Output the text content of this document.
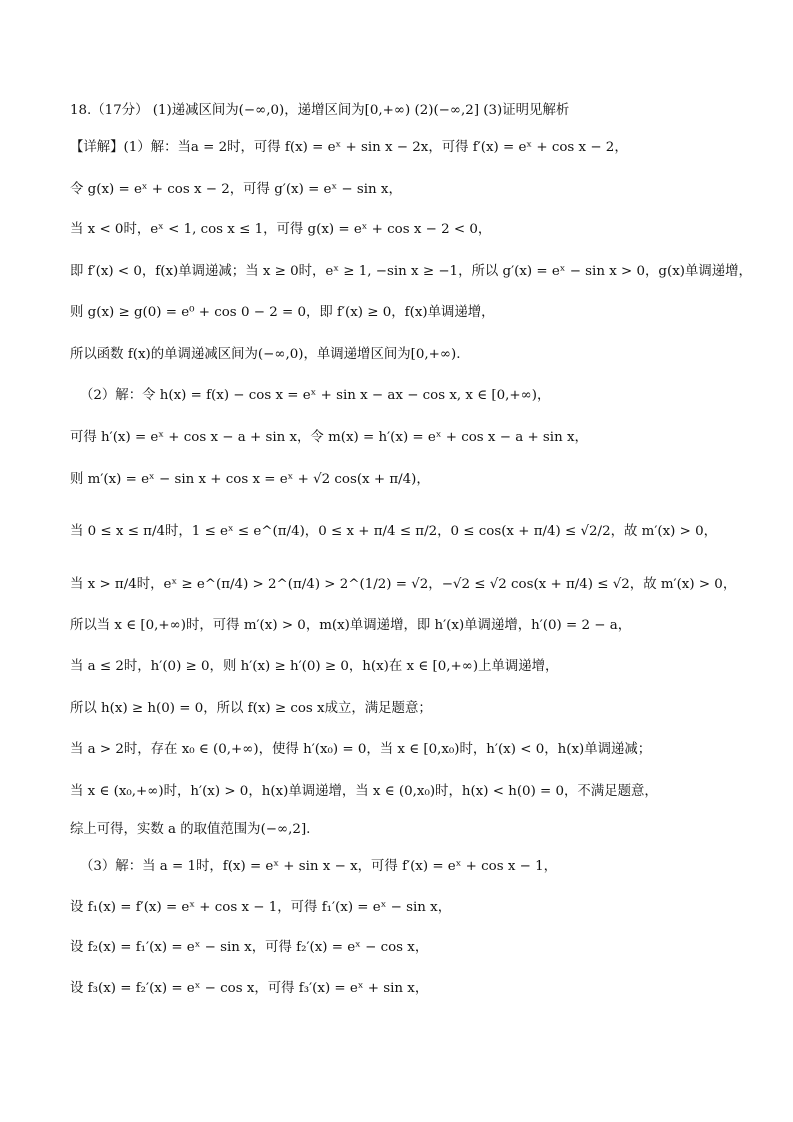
18.（17分） (1)递减区间为(−∞,0)，递增区间为[0,+∞) (2)(−∞,2] (3)证明见解析
【详解】(1）解：当a = 2时，可得 f(x) = eˣ + sin x − 2x，可得 f′(x) = eˣ + cos x − 2，
令 g(x) = eˣ + cos x − 2，可得 g′(x) = eˣ − sin x，
当 x < 0时，eˣ < 1, cos x ≤ 1，可得 g(x) = eˣ + cos x − 2 < 0，
即 f′(x) < 0，f(x)单调递减；当 x ≥ 0时，eˣ ≥ 1, −sin x ≥ −1，所以 g′(x) = eˣ − sin x > 0，g(x)单调递增，
则 g(x) ≥ g(0) = e⁰ + cos 0 − 2 = 0，即 f′(x) ≥ 0，f(x)单调递增，
所以函数 f(x)的单调递减区间为(−∞,0)，单调递增区间为[0,+∞).
（2）解：令 h(x) = f(x) − cos x = eˣ + sin x − ax − cos x, x ∈ [0,+∞)，
可得 h′(x) = eˣ + cos x − a + sin x，令 m(x) = h′(x) = eˣ + cos x − a + sin x，
则 m′(x) = eˣ − sin x + cos x = eˣ + √2 cos(x + π/4)，
当 0 ≤ x ≤ π/4时，1 ≤ eˣ ≤ e^(π/4)，0 ≤ x + π/4 ≤ π/2，0 ≤ cos(x + π/4) ≤ √2/2，故 m′(x) > 0，
当 x > π/4时，eˣ ≥ e^(π/4) > 2^(π/4) > 2^(1/2) = √2，−√2 ≤ √2 cos(x + π/4) ≤ √2，故 m′(x) > 0，
所以当 x ∈ [0,+∞)时，可得 m′(x) > 0，m(x)单调递增，即 h′(x)单调递增，h′(0) = 2 − a，
当 a ≤ 2时，h′(0) ≥ 0，则 h′(x) ≥ h′(0) ≥ 0，h(x)在 x ∈ [0,+∞)上单调递增，
所以 h(x) ≥ h(0) = 0，所以 f(x) ≥ cos x成立，满足题意；
当 a > 2时，存在 x₀ ∈ (0,+∞)，使得 h′(x₀) = 0，当 x ∈ [0,x₀)时，h′(x) < 0，h(x)单调递减；
当 x ∈ (x₀,+∞)时，h′(x) > 0，h(x)单调递增，当 x ∈ (0,x₀)时，h(x) < h(0) = 0，不满足题意，
综上可得，实数 a 的取值范围为(−∞,2].
（3）解：当 a = 1时，f(x) = eˣ + sin x − x，可得 f′(x) = eˣ + cos x − 1，
设 f₁(x) = f′(x) = eˣ + cos x − 1，可得 f₁′(x) = eˣ − sin x，
设 f₂(x) = f₁′(x) = eˣ − sin x，可得 f₂′(x) = eˣ − cos x，
设 f₃(x) = f₂′(x) = eˣ − cos x，可得 f₃′(x) = eˣ + sin x，
